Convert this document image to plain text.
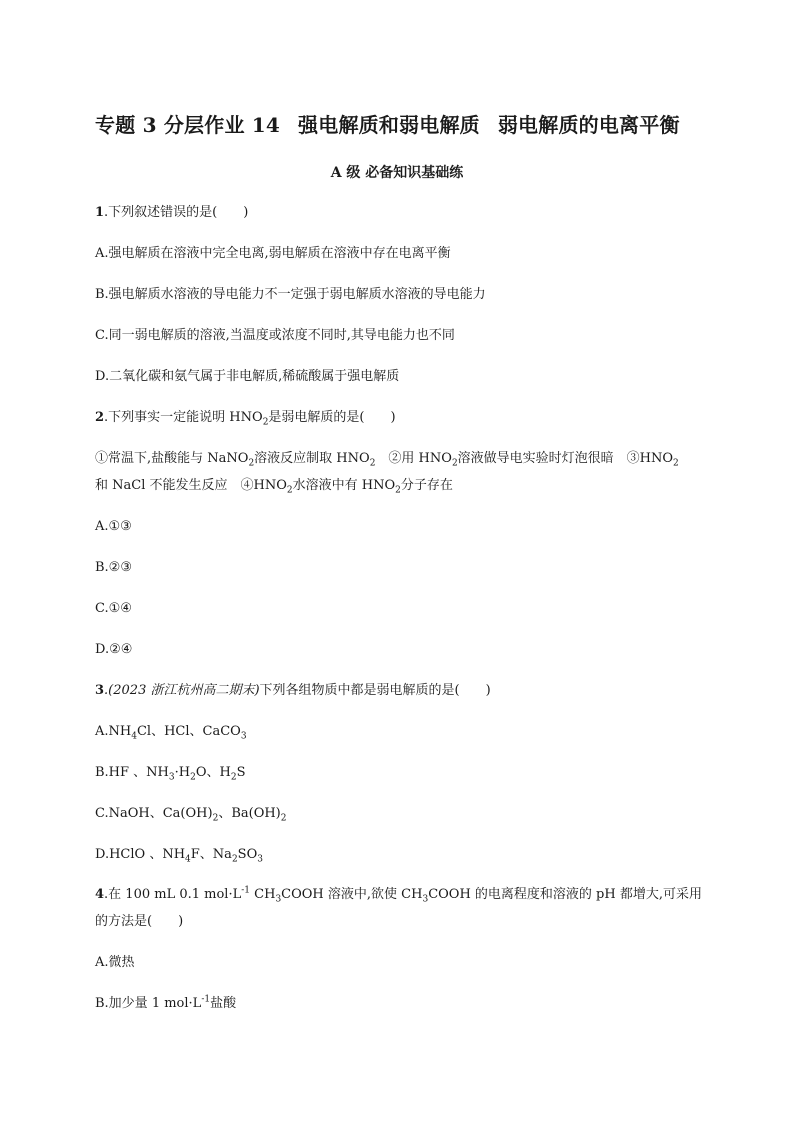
专题 3 分层作业 14 强电解质和弱电解质 弱电解质的电离平衡
A 级 必备知识基础练
1.下列叙述错误的是( )
A.强电解质在溶液中完全电离,弱电解质在溶液中存在电离平衡
B.强电解质水溶液的导电能力不一定强于弱电解质水溶液的导电能力
C.同一弱电解质的溶液,当温度或浓度不同时,其导电能力也不同
D.二氧化碳和氨气属于非电解质,稀硫酸属于强电解质
2.下列事实一定能说明 $HNO_2$是弱电解质的是( )
①常温下,盐酸能与 NaNO$_2$溶液反应制取 $HNO_2$　②用 $HNO_2$溶液做导电实验时灯泡很暗　$③HNO_2$
和 NaCl 不能发生反应　$④HNO_2$水溶液中有 $HNO_2$分子存在
A.①③
B.②③
C.①④
D.②④
3.(2023 浙江杭州高二期末)下列各组物质中都是弱电解质的是( )
$A.NH_4Cl$、HCl、CaCO$_3$
B.HF 、$NH_3\cdot H_2O$、$H_2S$
C.NaOH、$Ca(OH)_2$、$Ba(OH)_2$
D.HClO 、$NH_4F$、$Na_2SO_3$
4.在 100 mL 0.1 $mol\cdot L^{-1}$ $CH_3COOH$ 溶液中,欲使 $CH_3COOH$ 的电离程度和溶液的 pH 都增大,可采用
的方法是( )
A.微热
B.加少量 1 $mol\cdot L^{-1}$盐酸
